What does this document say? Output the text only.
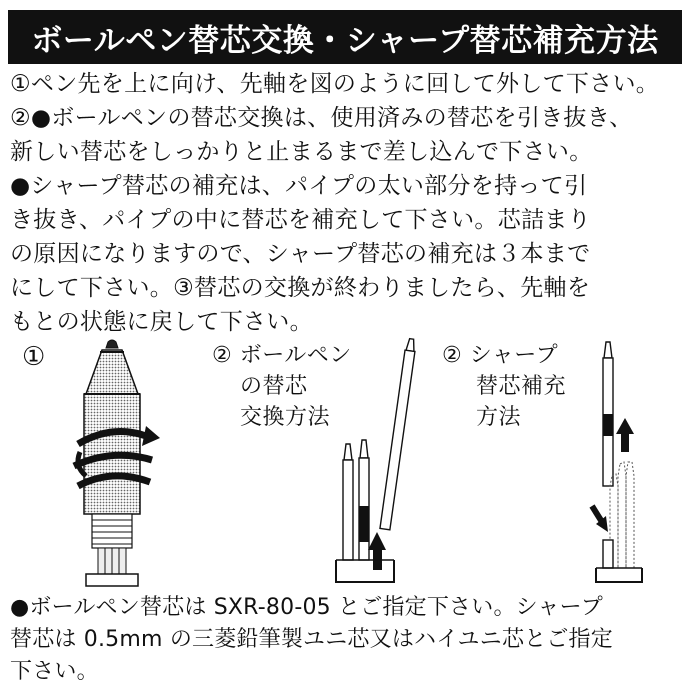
ボールペン替芯交換・シャープ替芯補充方法
①ペン先を上に向け、先軸を図のように回して外して下さい。
②●ボールペンの替芯交換は、使用済みの替芯を引き抜き、
新しい替芯をしっかりと止まるまで差し込んで下さい。
●シャープ替芯の補充は、パイプの太い部分を持って引
き抜き、パイプの中に替芯を補充して下さい。芯詰まり
の原因になりますので、シャープ替芯の補充は３本まで
にして下さい。③替芯の交換が終わりましたら、先軸を
もとの状態に戻して下さい。
①	② ボールペン
の替芯
交換方法
② シャープ
替芯補充
方法
●ボールペン替芯は SXR-80-05 とご指定下さい。シャープ
替芯は 0.5mm の三菱鉛筆製ユニ芯又はハイユニ芯とご指定
下さい。
